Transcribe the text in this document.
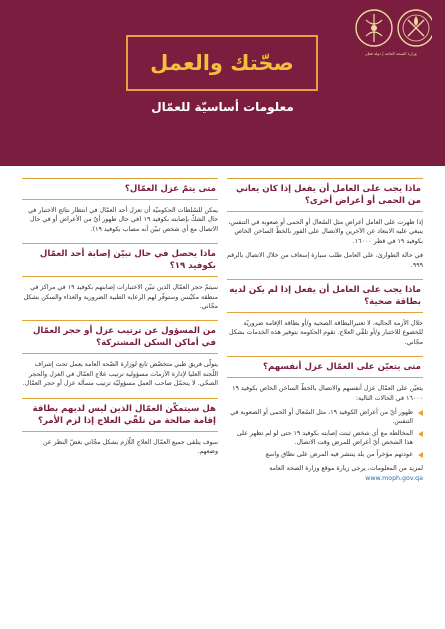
وزارة الصحة العامة | دولة قطر
صحّتك والعمل
معلومات أساسيّة للعمّال
ماذا يجب على العامل أن يفعل إذا كان يعاني من الحمى أو أعراض أخرى؟

إذا ظهرت على العامل أعراض مثل السُعال أو الحمى أو صعوبة في التنفس، ينبغي عليه الابتعاد عن الآخرين والاتصال على الفور بالخطّ الساخن الخاص بكوفيد ١٩ في قطر ١٦٠٠٠.

في حالة الطوارئ، على العامل طلب سيارة إسعاف من خلال الاتصال بالرقم ٩٩٩.

ماذا يجب على العامل أن يفعل إذا لم يكن لديه بطاقة صحية؟

خلال الأزمة الحالية، لا تعتبرالبطاقة الصحية و/أو بطاقة الإقامة ضروريّة للخضوع للاختبار و/أو تلقّي العلاج. تقوم الحكومة بتوفير هذه الخدمات بشكل مجّاني.

متى يتعيّن على العمّال عزل أنفسهم؟

يتعيّن على العمّال عزل أنفسهم والاتصال بالخطّ الساخن الخاص بكوفيد ١٩ ١٦٠٠٠ في الحالات التالية:

ظهور أيّ من أعراض الكوفيد ١٩، مثل السُعال أو الحمى أو الصعوبة في التنفس.
المخالطة مع أي شخص ثبتت إصابته بكوفيد ١٩ حتى لو لم تظهر على هذا الشخص أيّ أعراض للمرض وقت الاتصال.
عودتهم مؤخراً من بلد ينتشر فيه المرض على نطاق واسع

لمزيد من المعلومات، يرجى زيارة موقع وزارة الصحة العامة

www.moph.gov.qa

متى يتمّ عزل العمّال؟

يمكن للسُلطات الحكوميّة أن تعزل أحد العمّال في انتظار نتائج الاختبار في حال الشكّ بإصابته بكوفيد ١٩ (في حال ظهور أيّ من الأعراض أو في حال الاتصال مع أي شخص تبيّن أنه مصاب بكوفيد ١٩).

ماذا يحصل في حال تبيّن إصابة أحد العمّال بكوفيد ١٩؟

سيتمّ حجر العمّال الذين تبيّن الاختبارات إصابتهم بكوفيد ١٩ في مراكز في منطقة مكيّنس وستوفّر لهم الرعاية الطبية الضرورية والغذاء والسكن بشكل مجّاني.

من المسؤول عن ترتيب عزل أو حجر العمّال في أماكن السكن المشتركة؟

يتولّى فريق طبي متخصّص تابع لوزارة الصّحة العامة يعمل تحت إشراف اللّجنة العليا لإدارة الأزمات مسؤولية ترتيب علاج العمّال في العزل والحجر الصحّي. لا يتحمّل صاحب العمل مسؤوليّة ترتيب مسألة عزل أو حجر العمّال.

هل سيتمكّن العمّال الذين ليس لديهم بطاقة إقامة صالحة من تلقّي العلاج إذا لزم الأمر؟

سوف يتلقى جميع العمّال العلاج اللّازم بشكل مجّاني بغضّ النظر عن وضعهم.
